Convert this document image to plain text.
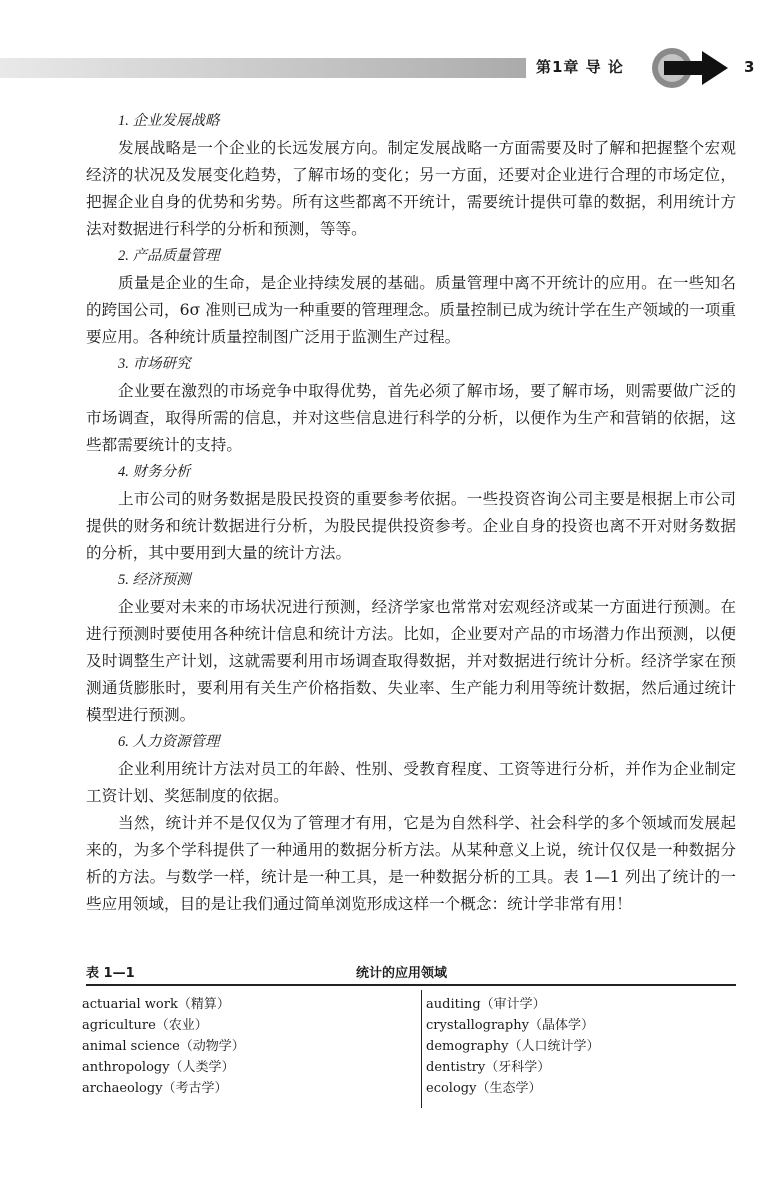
第1章 导 论	3

1. 企业发展战略

发展战略是一个企业的长远发展方向。制定发展战略一方面需要及时了解和把握整个宏观经济的状况及发展变化趋势，了解市场的变化；另一方面，还要对企业进行合理的市场定位，把握企业自身的优势和劣势。所有这些都离不开统计，需要统计提供可靠的数据，利用统计方法对数据进行科学的分析和预测，等等。

2. 产品质量管理

质量是企业的生命，是企业持续发展的基础。质量管理中离不开统计的应用。在一些知名的跨国公司，6σ 准则已成为一种重要的管理理念。质量控制已成为统计学在生产领域的一项重要应用。各种统计质量控制图广泛用于监测生产过程。

3. 市场研究

企业要在激烈的市场竞争中取得优势，首先必须了解市场，要了解市场，则需要做广泛的市场调查，取得所需的信息，并对这些信息进行科学的分析，以便作为生产和营销的依据，这些都需要统计的支持。

4. 财务分析

上市公司的财务数据是股民投资的重要参考依据。一些投资咨询公司主要是根据上市公司提供的财务和统计数据进行分析，为股民提供投资参考。企业自身的投资也离不开对财务数据的分析，其中要用到大量的统计方法。

5. 经济预测

企业要对未来的市场状况进行预测，经济学家也常常对宏观经济或某一方面进行预测。在进行预测时要使用各种统计信息和统计方法。比如，企业要对产品的市场潜力作出预测，以便及时调整生产计划，这就需要利用市场调查取得数据，并对数据进行统计分析。经济学家在预测通货膨胀时，要利用有关生产价格指数、失业率、生产能力利用等统计数据，然后通过统计模型进行预测。

6. 人力资源管理

企业利用统计方法对员工的年龄、性别、受教育程度、工资等进行分析，并作为企业制定工资计划、奖惩制度的依据。

当然，统计并不是仅仅为了管理才有用，它是为自然科学、社会科学的多个领域而发展起来的，为多个学科提供了一种通用的数据分析方法。从某种意义上说，统计仅仅是一种数据分析的方法。与数学一样，统计是一种工具，是一种数据分析的工具。表 1—1 列出了统计的一些应用领域，目的是让我们通过简单浏览形成这样一个概念：统计学非常有用！

表 1—1	统计的应用领域
actuarial work（精算）
agriculture（农业）
animal science（动物学）
anthropology（人类学）
archaeology（考古学）
auditing（审计学）
crystallography（晶体学）
demography（人口统计学）
dentistry（牙科学）
ecology（生态学）
